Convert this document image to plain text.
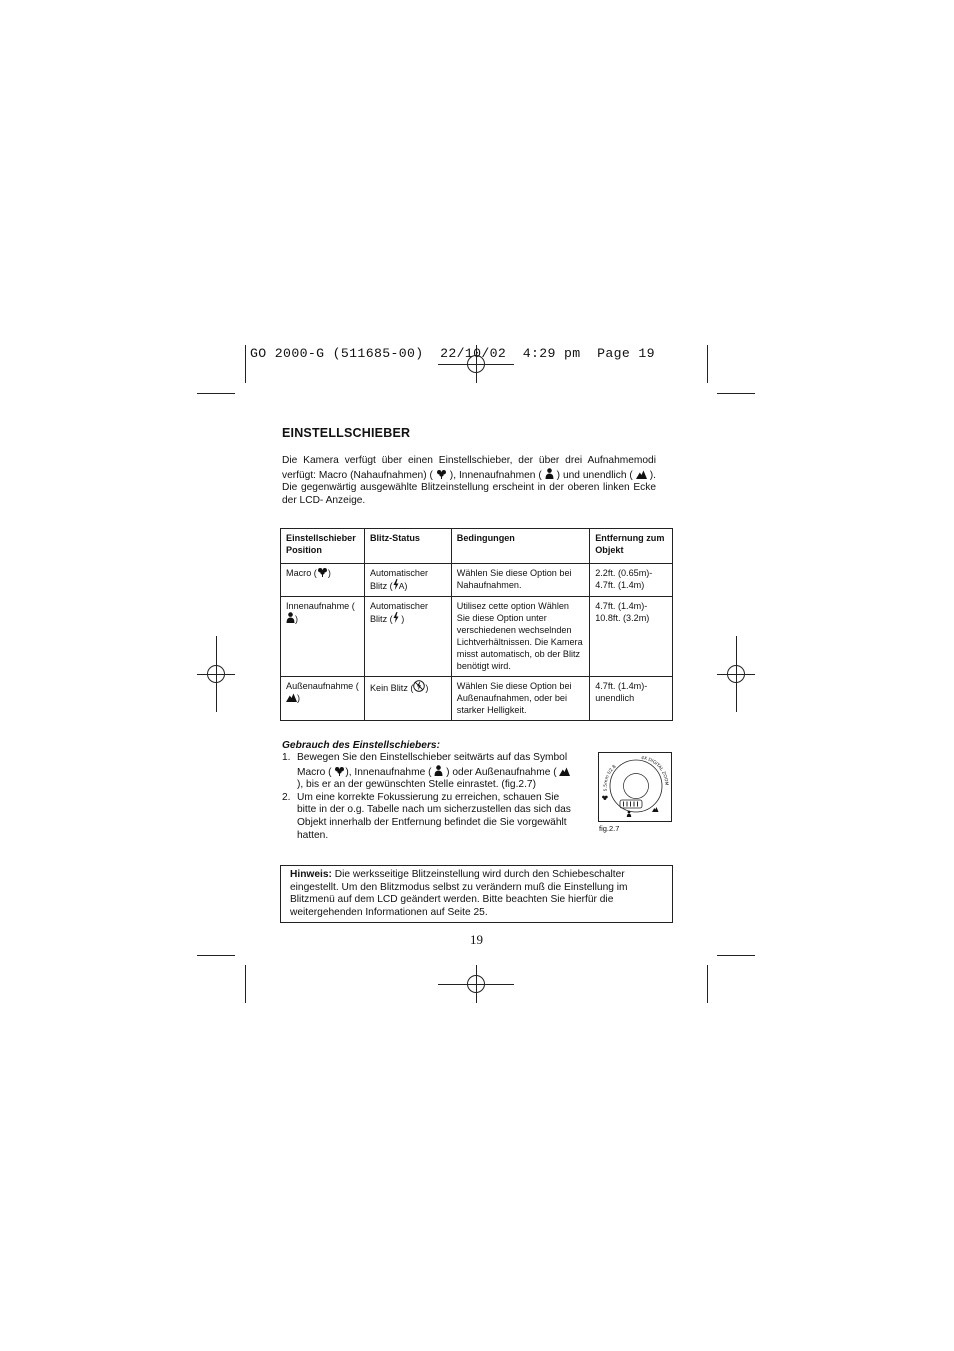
GO 2000-G (511685-00)  22/10/02  4:29 pm  Page 19
EINSTELLSCHIEBER

Die Kamera verfügt über einen Einstellschieber, der über drei Aufnahmemodi verfügt: Macro (Nahaufnahmen) ( ), Innenaufnahmen ( ) und unendlich ( ). Die gegenwärtig ausgewählte Blitzeinstellung erscheint in der oberen linken Ecke der LCD- Anzeige.

Einstellschieber Position	Blitz-Status	Bedingungen	Entfernung zum Objekt
Macro ( )	Automatischer Blitz ( A)	Wählen Sie diese Option bei Nahaufnahmen.	2.2ft. (0.65m)- 4.7ft. (1.4m)
Innenaufnahme ()	Automatischer Blitz ( )	Utilisez cette option Wählen Sie diese Option unter verschiedenen wechselnden Lichtverhältnissen. Die Kamera misst automatisch, ob der Blitz benötigt wird.	4.7ft. (1.4m)- 10.8ft. (3.2m)
Außenaufnahme ()	Kein Blitz ( )	Wählen Sie diese Option bei Außenaufnahmen, oder bei starker Helligkeit.	4.7ft. (1.4m)- unendlich

Gebrauch des Einstellschiebers:

1. Bewegen Sie den Einstellschieber seitwärts auf das Symbol Macro ( ), Innenaufnahme ( ) oder Außenaufnahme ( ), bis er an der gewünschten Stelle einrastet. (fig.2.7)
2. Um eine korrekte Fokussierung zu erreichen, schauen Sie bitte in der o.g. Tabelle nach um sicherzustellen das sich das Objekt innerhalb der Entfernung befindet die Sie vorgewählt hatten.
5.5mm f/2.8
4X DIGITAL ZOOM
fig.2.7
Hinweis: Die werksseitige Blitzeinstellung wird durch den Schiebeschalter eingestellt. Um den Blitzmodus selbst zu verändern muß die Einstellung im Blitzmenü auf dem LCD geändert werden. Bitte beachten Sie hierfür die weitergehenden Informationen auf Seite 25.
19
